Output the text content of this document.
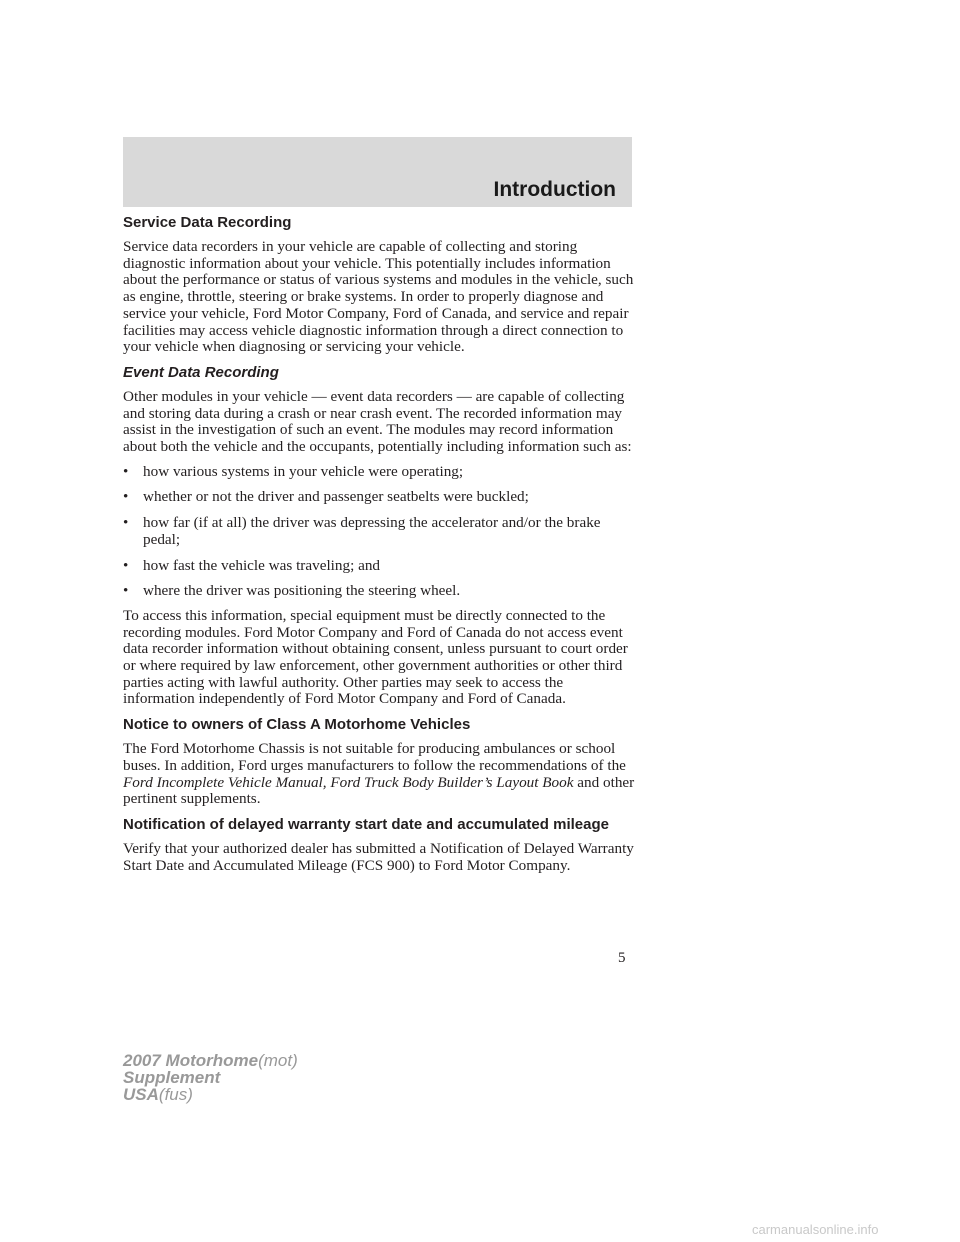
Introduction
Service Data Recording

Service data recorders in your vehicle are capable of collecting and storing diagnostic information about your vehicle. This potentially includes information about the performance or status of various systems and modules in the vehicle, such as engine, throttle, steering or brake systems. In order to properly diagnose and service your vehicle, Ford Motor Company, Ford of Canada, and service and repair facilities may access vehicle diagnostic information through a direct connection to your vehicle when diagnosing or servicing your vehicle.

Event Data Recording

Other modules in your vehicle — event data recorders — are capable of collecting and storing data during a crash or near crash event. The recorded information may assist in the investigation of such an event. The modules may record information about both the vehicle and the occupants, potentially including information such as:

• how various systems in your vehicle were operating;
• whether or not the driver and passenger seatbelts were buckled;
• how far (if at all) the driver was depressing the accelerator and/or the brake pedal;
• how fast the vehicle was traveling; and
• where the driver was positioning the steering wheel.

To access this information, special equipment must be directly connected to the recording modules. Ford Motor Company and Ford of Canada do not access event data recorder information without obtaining consent, unless pursuant to court order or where required by law enforcement, other government authorities or other third parties acting with lawful authority. Other parties may seek to access the information independently of Ford Motor Company and Ford of Canada.

Notice to owners of Class A Motorhome Vehicles

The Ford Motorhome Chassis is not suitable for producing ambulances or school buses. In addition, Ford urges manufacturers to follow the recommendations of the Ford Incomplete Vehicle Manual, Ford Truck Body Builder’s Layout Book and other pertinent supplements.

Notification of delayed warranty start date and accumulated mileage

Verify that your authorized dealer has submitted a Notification of Delayed Warranty Start Date and Accumulated Mileage (FCS 900) to Ford Motor Company.

5
2007 Motorhome(mot)
Supplement
USA(fus)
carmanualsonline.info
